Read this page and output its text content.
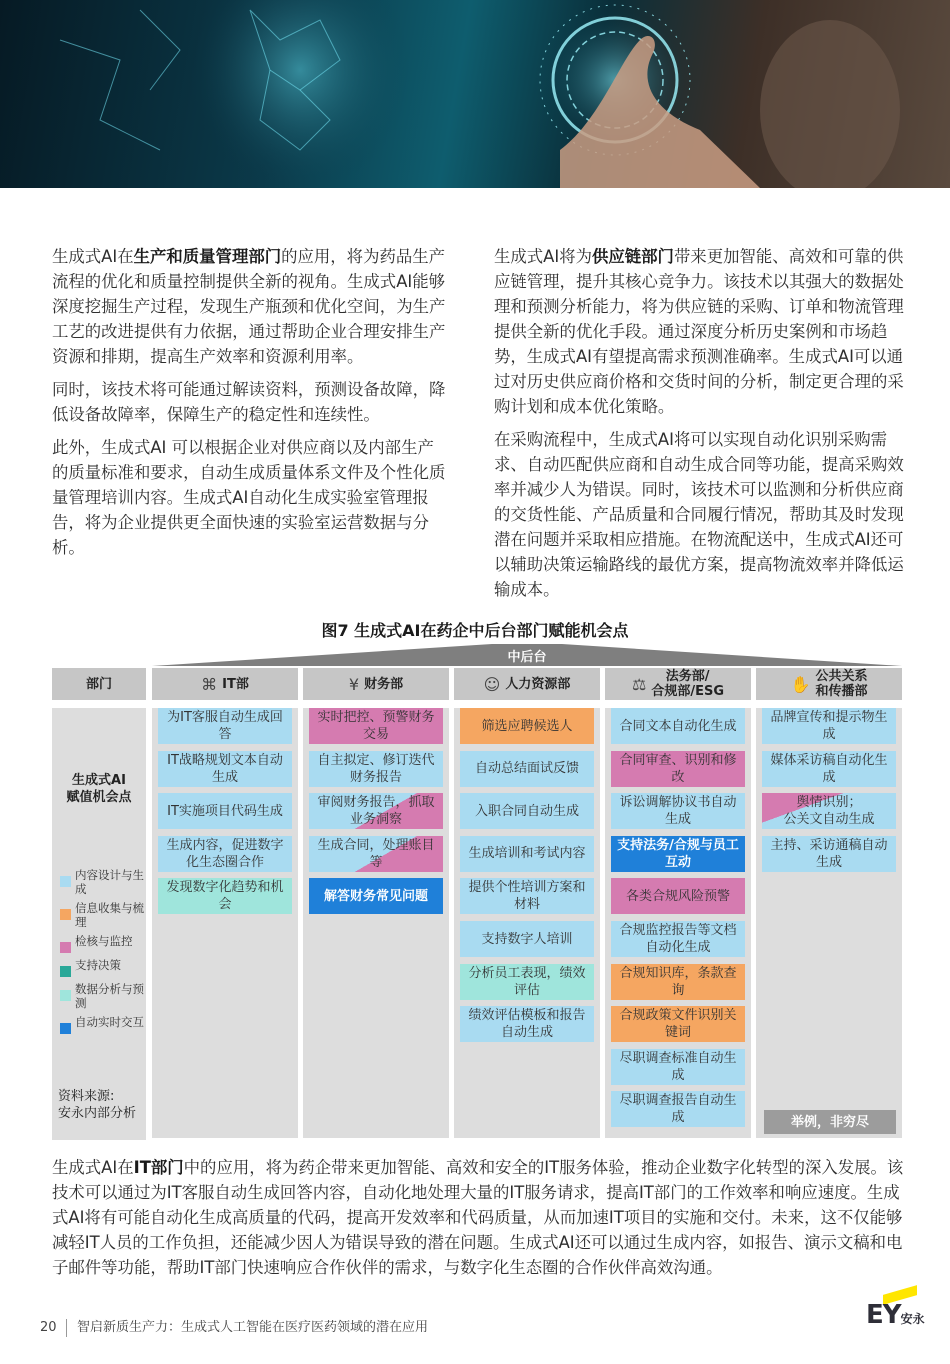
生成式AI在生产和质量管理部门的应用，将为药品生产流程的优化和质量控制提供全新的视角。生成式AI能够深度挖掘生产过程，发现生产瓶颈和优化空间，为生产工艺的改进提供有力依据，通过帮助企业合理安排生产资源和排期，提高生产效率和资源利用率。

同时，该技术将可能通过解读资料，预测设备故障，降低设备故障率，保障生产的稳定性和连续性。

此外，生成式AI 可以根据企业对供应商以及内部生产的质量标准和要求，自动生成质量体系文件及个性化质量管理培训内容。生成式AI自动化生成实验室管理报告，将为企业提供更全面快速的实验室运营数据与分析。

生成式AI将为供应链部门带来更加智能、高效和可靠的供应链管理，提升其核心竞争力。该技术以其强大的数据处理和预测分析能力，将为供应链的采购、订单和物流管理提供全新的优化手段。通过深度分析历史案例和市场趋势，生成式AI有望提高需求预测准确率。生成式AI可以通过对历史供应商价格和交货时间的分析，制定更合理的采购计划和成本优化策略。

在采购流程中，生成式AI将可以实现自动化识别采购需求、自动匹配供应商和自动生成合同等功能，提高采购效率并减少人为错误。同时，该技术可以监测和分析供应商的交货性能、产品质量和合同履行情况，帮助其及时发现潜在问题并采取相应措施。在物流配送中，生成式AI还可以辅助决策运输路线的最优方案，提高物流效率并降低运输成本。

图7 生成式AI在药企中后台部门赋能机会点
中后台
部门
生成式AI
赋值机会点
内容设计与生成
信息收集与梳理
检核与监控
支持决策
数据分析与预测
自动实时交互
资料来源:
安永内部分析
⌘ IT部
为IT客服自动生成回答
IT战略规划文本自动生成
IT实施项目代码生成
生成内容，促进数字化生态圈合作
发现数字化趋势和机会
¥ 财务部
实时把控、预警财务交易
自主拟定、修订迭代财务报告
审阅财务报告，抓取业务洞察
生成合同，处理账目等
解答财务常见问题
☺ 人力资源部
筛选应聘候选人
自动总结面试反馈
入职合同自动生成
生成培训和考试内容
提供个性培训方案和材料
支持数字人培训
分析员工表现，绩效评估
绩效评估模板和报告自动生成
⚖	法务部/
合规部/ESG
合同文本自动化生成
合同审查、识别和修改
诉讼调解协议书自动生成
支持法务/合规与员工互动
各类合规风险预警
合规监控报告等文档自动化生成
合规知识库，条款查询
合规政策文件识别关键词
尽职调查标准自动生成
尽职调查报告自动生成
✋ 公共关系
和传播部
品牌宣传和提示物生成
媒体采访稿自动化生成
舆情识别；
公关文自动生成
主持、采访通稿自动生成
举例，非穷尽
生成式AI在IT部门中的应用，将为药企带来更加智能、高效和安全的IT服务体验，推动企业数字化转型的深入发展。该技术可以通过为IT客服自动生成回答内容，自动化地处理大量的IT服务请求，提高IT部门的工作效率和响应速度。生成式AI将有可能自动化生成高质量的代码，提高开发效率和代码质量，从而加速IT项目的实施和交付。未来，这不仅能够减轻IT人员的工作负担，还能减少因人为错误导致的潜在问题。生成式AI还可以通过生成内容，如报告、演示文稿和电子邮件等功能，帮助IT部门快速响应合作伙伴的需求，与数字化生态圈的合作伙伴高效沟通。
20 智启新质生产力：生成式人工智能在医疗医药领域的潜在应用	EY安永
